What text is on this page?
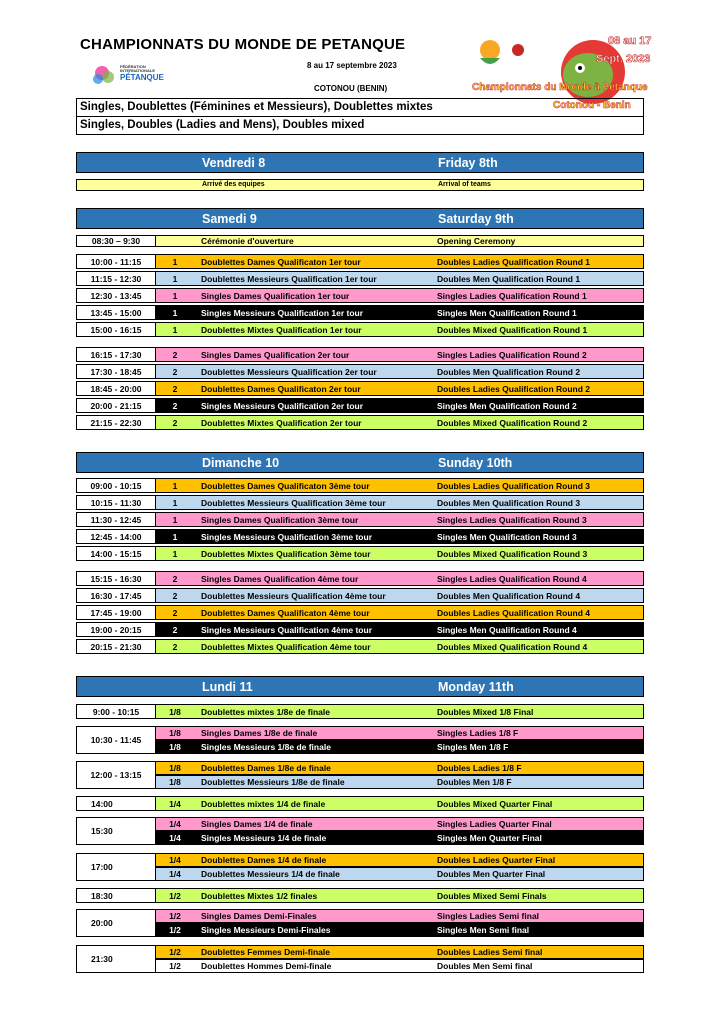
CHAMPIONNATS DU MONDE DE PETANQUE
8 au 17 septembre 2023
COTONOU (BENIN)
FÉDÉRATION
INTERNATIONALE
PÉTANQUE
08 au 17
Sept. 2023
Championnats du Monde à Pétanque
Cotonou - Benin
Singles, Doublettes (Féminines et Messieurs), Doublettes mixtes
Singles, Doubles (Ladies and Mens), Doubles mixed
Vendredi 8	Friday 8th
Arrivé des equipes	Arrival of teams
Samedi 9	Saturday 9th
08:30 – 9:30	Cérémonie d'ouverture	Opening Ceremony
10:00 - 11:15	1	Doublettes Dames Qualificaton 1er tour	Doubles Ladies Qualification Round 1
11:15 - 12:30	1	Doublettes Messieurs Qualification 1er tour	Doubles Men Qualification Round 1
12:30 - 13:45	1	Singles Dames Qualification 1er tour	Singles Ladies Qualification Round 1
13:45 - 15:00	1	Singles Messieurs Qualification 1er tour	Singles Men Qualification Round 1
15:00 - 16:15	1	Doublettes Mixtes Qualification 1er tour	Doubles Mixed Qualification Round 1
16:15 - 17:30	2	Singles Dames Qualification 2er tour	Singles Ladies Qualification Round 2
17:30 - 18:45	2	Doublettes Messieurs Qualification 2er tour	Doubles Men Qualification Round 2
18:45 - 20:00	2	Doublettes Dames Qualificaton 2er tour	Doubles Ladies Qualification Round 2
20:00 - 21:15	2	Singles Messieurs Qualification 2er tour	Singles Men Qualification Round 2
21:15 - 22:30	2	Doublettes Mixtes Qualification 2er tour	Doubles Mixed Qualification Round 2
Dimanche 10	Sunday 10th
09:00 - 10:15	1	Doublettes Dames Qualificaton 3ème tour	Doubles Ladies Qualification Round 3
10:15 - 11:30	1	Doublettes Messieurs Qualification 3ème tour	Doubles Men Qualification Round 3
11:30 - 12:45	1	Singles Dames Qualification 3ème tour	Singles Ladies Qualification Round 3
12:45 - 14:00	1	Singles Messieurs Qualification 3ème tour	Singles Men Qualification Round 3
14:00 - 15:15	1	Doublettes Mixtes Qualification 3ème tour	Doubles Mixed Qualification Round 3
15:15 - 16:30	2	Singles Dames Qualification 4ème tour	Singles Ladies Qualification Round 4
16:30 - 17:45	2	Doublettes Messieurs Qualification 4ème tour	Doubles Men Qualification Round 4
17:45 - 19:00	2	Doublettes Dames Qualificaton 4ème tour	Doubles Ladies Qualification Round 4
19:00 - 20:15	2	Singles Messieurs Qualification 4ème tour	Singles Men Qualification Round 4
20:15 - 21:30	2	Doublettes Mixtes Qualification 4ème tour	Doubles Mixed Qualification Round 4
Lundi 11	Monday 11th
9:00 - 10:15	1/8	Doublettes mixtes 1/8e de finale	Doubles Mixed 1/8 Final
10:30 - 11:45
1/8	Singles Dames 1/8e de finale	Singles Ladies 1/8 F
1/8	Singles Messieurs 1/8e de finale	Singles Men 1/8 F
12:00 - 13:15
1/8	Doublettes Dames 1/8e de finale	Doubles Ladies 1/8 F
1/8	Doublettes Messieurs 1/8e de finale	Doubles Men 1/8 F
14:00	1/4	Doublettes mixtes 1/4 de finale	Doubles Mixed Quarter Final
15:30
1/4	Singles Dames 1/4 de finale	Singles Ladies Quarter Final
1/4	Singles Messieurs 1/4 de finale	Singles Men Quarter Final
17:00
1/4	Doublettes Dames 1/4 de finale	Doubles Ladies Quarter Final
1/4	Doublettes Messieurs 1/4 de finale	Doubles Men Quarter Final
18:30	1/2	Doublettes Mixtes 1/2 finales	Doubles Mixed Semi Finals
20:00
1/2	Singles Dames Demi-Finales	Singles Ladies Semi final
1/2	Singles Messieurs Demi-Finales	Singles Men Semi final
21:30
1/2	Doublettes Femmes Demi-finale	Doubles Ladies Semi final
1/2	Doublettes Hommes Demi-finale	Doubles Men Semi final
